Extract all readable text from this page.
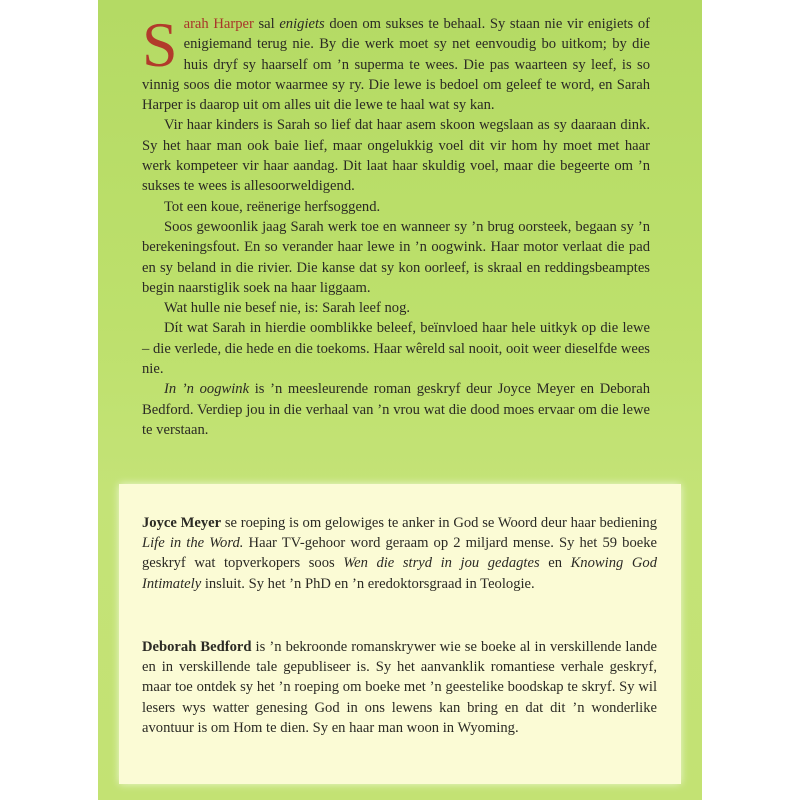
Sarah Harper sal enigiets doen om sukses te behaal. Sy staan nie vir enigiets of enigiemand terug nie. By die werk moet sy net eenvoudig bo uitkom; by die huis dryf sy haarself om ’n superma te wees. Die pas waarteen sy leef, is so vinnig soos die motor waarmee sy ry. Die lewe is bedoel om geleef te word, en Sarah Harper is daarop uit om alles uit die lewe te haal wat sy kan.

Vir haar kinders is Sarah so lief dat haar asem skoon wegslaan as sy daaraan dink. Sy het haar man ook baie lief, maar ongelukkig voel dit vir hom hy moet met haar werk kompeteer vir haar aandag. Dit laat haar skuldig voel, maar die begeerte om ’n sukses te wees is allesoorweldigend.

Tot een koue, reënerige herfsoggend.

Soos gewoonlik jaag Sarah werk toe en wanneer sy ’n brug oorsteek, begaan sy ’n berekeningsfout. En so verander haar lewe in ’n oogwink. Haar motor verlaat die pad en sy beland in die rivier. Die kanse dat sy kon oorleef, is skraal en reddingsbeamptes begin naarstiglik soek na haar liggaam.

Wat hulle nie besef nie, is: Sarah leef nog.

Dít wat Sarah in hierdie oomblikke beleef, beïnvloed haar hele uitkyk op die lewe – die verlede, die hede en die toekoms. Haar wêreld sal nooit, ooit weer dieselfde wees nie.

In ’n oogwink is ’n meesleurende roman geskryf deur Joyce Meyer en Deborah Bedford. Verdiep jou in die verhaal van ’n vrou wat die dood moes ervaar om die lewe te verstaan.

Joyce Meyer se roeping is om gelowiges te anker in God se Woord deur haar bediening Life in the Word. Haar TV-gehoor word geraam op 2 miljard mense. Sy het 59 boeke geskryf wat topverkopers soos Wen die stryd in jou gedagtes en Knowing God Intimately insluit. Sy het ’n PhD en ’n eredoktorsgraad in Teologie.

Deborah Bedford is ’n bekroonde romanskrywer wie se boeke al in verskillende lande en in verskillende tale gepubliseer is. Sy het aanvanklik romantiese verhale geskryf, maar toe ontdek sy het ’n roeping om boeke met ’n geestelike boodskap te skryf. Sy wil lesers wys watter genesing God in ons lewens kan bring en dat dit ’n wonderlike avontuur is om Hom te dien. Sy en haar man woon in Wyoming.
